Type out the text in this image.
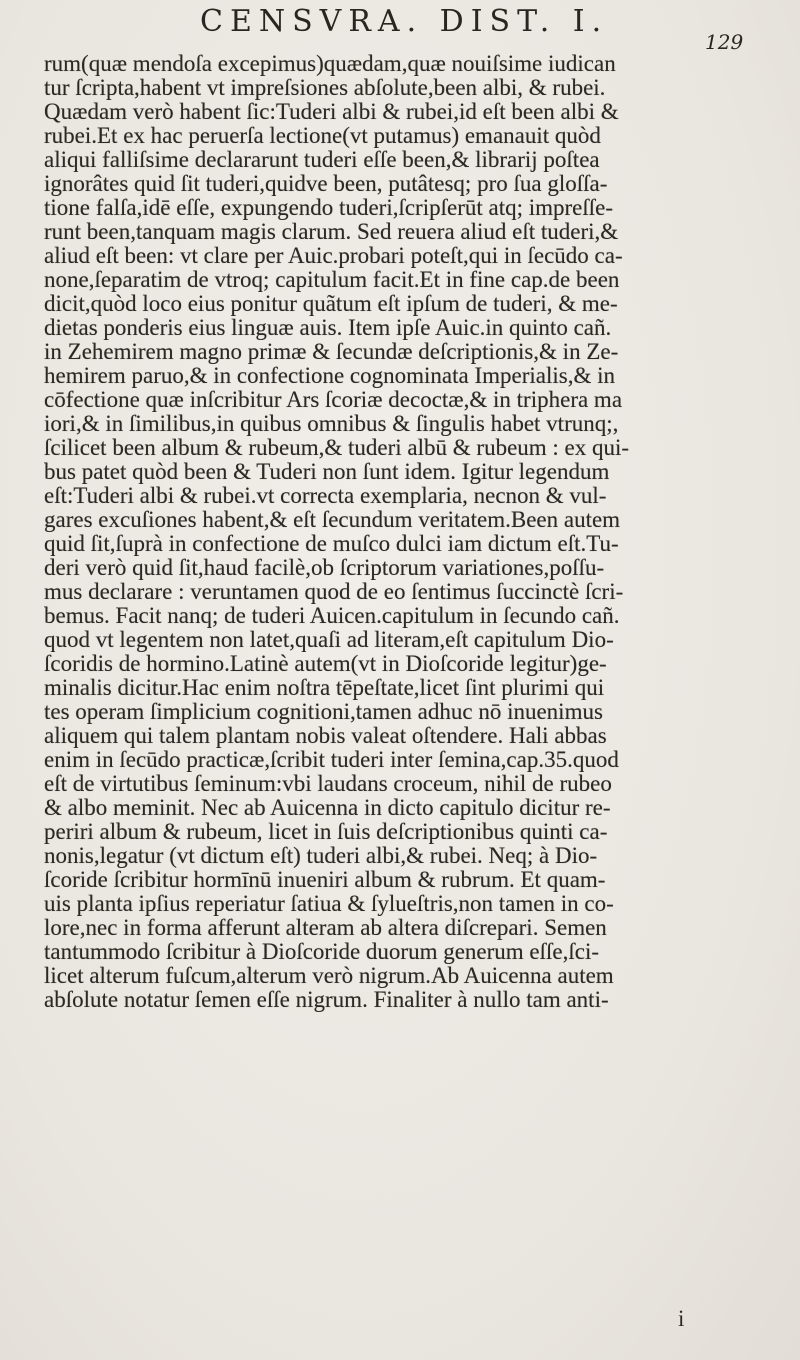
CENSVRA. DIST. I.
129
rum(quæ mendoſa excepimus)quædam,quæ nouiſsime iudican
tur ſcripta,habent vt impreſsiones abſolute,been albi, & rubei.
Quædam verò habent ſic:Tuderi albi & rubei,id eſt been albi &
rubei.Et ex hac peruerſa lectione(vt putamus) emanauit quòd
aliqui falliſsime declararunt tuderi eſſe been,& librarij poſtea
ignorâtes quid ſit tuderi,quidve been, putâtesq; pro ſua gloſſa-
tione falſa,idē eſſe, expungendo tuderi,ſcripſerūt atq; impreſſe-
runt been,tanquam magis clarum. Sed reuera aliud eſt tuderi,&
aliud eſt been: vt clare per Auic.probari poteſt,qui in ſecūdo ca-
none,ſeparatim de vtroq; capitulum facit.Et in fine cap.de been
dicit,quòd loco eius ponitur quãtum eſt ipſum de tuderi, & me-
dietas ponderis eius linguæ auis. Item ipſe Auic.in quinto cañ.
in Zehemirem magno primæ & ſecundæ deſcriptionis,& in Ze-
hemirem paruo,& in confectione cognominata Imperialis,& in
cōfectione quæ inſcribitur Ars ſcoriæ decoctæ,& in triphera ma
iori,& in ſimilibus,in quibus omnibus & ſingulis habet vtrunq;,
ſcilicet been album & rubeum,& tuderi albū & rubeum : ex qui-
bus patet quòd been & Tuderi non ſunt idem. Igitur legendum
eſt:Tuderi albi & rubei.vt correcta exemplaria, necnon & vul-
gares excuſiones habent,& eſt ſecundum veritatem.Been autem
quid ſit,ſuprà in confectione de muſco dulci iam dictum eſt.Tu-
deri verò quid ſit,haud facilè,ob ſcriptorum variationes,poſſu-
mus declarare : veruntamen quod de eo ſentimus ſuccinctè ſcri-
bemus. Facit nanq; de tuderi Auicen.capitulum in ſecundo cañ.
quod vt legentem non latet,quaſi ad literam,eſt capitulum Dio-
ſcoridis de hormino.Latinè autem(vt in Dioſcoride legitur)ge-
minalis dicitur.Hac enim noſtra tēpeſtate,licet ſint plurimi qui
tes operam ſimplicium cognitioni,tamen adhuc nō inuenimus
aliquem qui talem plantam nobis valeat oſtendere. Hali abbas
enim in ſecūdo practicæ,ſcribit tuderi inter ſemina,cap.35.quod
eſt de virtutibus ſeminum:vbi laudans croceum, nihil de rubeo
& albo meminit. Nec ab Auicenna in dicto capitulo dicitur re-
periri album & rubeum, licet in ſuis deſcriptionibus quinti ca-
nonis,legatur (vt dictum eſt) tuderi albi,& rubei. Neq; à Dio-
ſcoride ſcribitur hormīnū inueniri album & rubrum. Et quam-
uis planta ipſius reperiatur ſatiua & ſylueſtris,non tamen in co-
lore,nec in forma afferunt alteram ab altera diſcrepari. Semen
tantummodo ſcribitur à Dioſcoride duorum generum eſſe,ſci-
licet alterum fuſcum,alterum verò nigrum.Ab Auicenna autem
abſolute notatur ſemen eſſe nigrum. Finaliter à nullo tam anti-
i
